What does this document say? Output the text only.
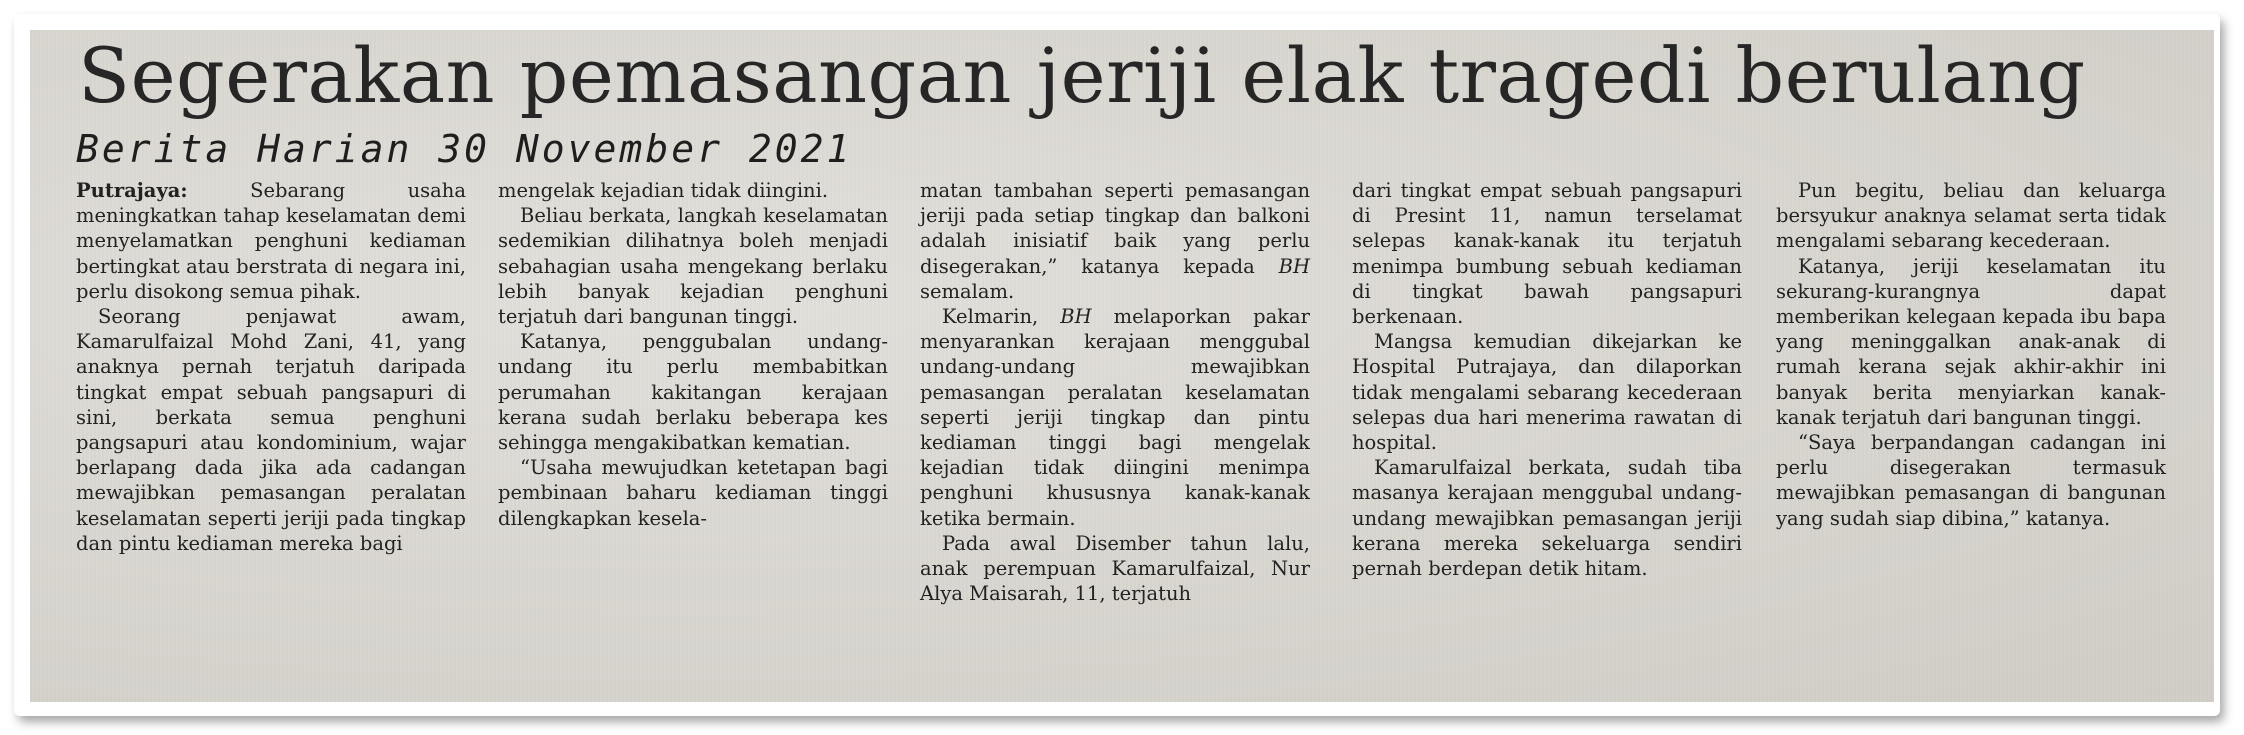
Segerakan pemasangan jeriji elak tragedi berulang
Berita Harian 30 November 2021

Putrajaya: Sebarang usaha meningkatkan tahap keselamatan demi menyelamatkan penghuni kediaman bertingkat atau berstrata di negara ini, perlu disokong semua pihak.

Seorang penjawat awam, Kamarulfaizal Mohd Zani, 41, yang anaknya pernah terjatuh daripada tingkat empat sebuah pangsapuri di sini, berkata semua penghuni pangsapuri atau kondominium, wajar berlapang dada jika ada cadangan mewajibkan pemasangan peralatan keselamatan seperti jeriji pada tingkap dan pintu kediaman mereka bagi

mengelak kejadian tidak diingini.

Beliau berkata, langkah keselamatan sedemikian dilihatnya boleh menjadi sebahagian usaha mengekang berlaku lebih banyak kejadian penghuni terjatuh dari bangunan tinggi.

Katanya, penggubalan undang-undang itu perlu membabitkan perumahan kakitangan kerajaan kerana sudah berlaku beberapa kes sehingga mengakibatkan kematian.

“Usaha mewujudkan ketetapan bagi pembinaan baharu kediaman tinggi dilengkapkan kesela-

matan tambahan seperti pemasangan jeriji pada setiap tingkap dan balkoni adalah inisiatif baik yang perlu disegerakan,” katanya kepada BH semalam.

Kelmarin, BH melaporkan pakar menyarankan kerajaan menggubal undang-undang mewajibkan pemasangan peralatan keselamatan seperti jeriji tingkap dan pintu kediaman tinggi bagi mengelak kejadian tidak diingini menimpa penghuni khususnya kanak-kanak ketika bermain.

Pada awal Disember tahun lalu, anak perempuan Kamarulfaizal, Nur Alya Maisarah, 11, terjatuh

dari tingkat empat sebuah pangsapuri di Presint 11, namun terselamat selepas kanak-kanak itu terjatuh menimpa bumbung sebuah kediaman di tingkat bawah pangsapuri berkenaan.

Mangsa kemudian dikejarkan ke Hospital Putrajaya, dan dilaporkan tidak mengalami sebarang kecederaan selepas dua hari menerima rawatan di hospital.

Kamarulfaizal berkata, sudah tiba masanya kerajaan menggubal undang-undang mewajibkan pemasangan jeriji kerana mereka sekeluarga sendiri pernah berdepan detik hitam.

Pun begitu, beliau dan keluarga bersyukur anaknya selamat serta tidak mengalami sebarang kecederaan.

Katanya, jeriji keselamatan itu sekurang-kurangnya dapat memberikan kelegaan kepada ibu bapa yang meninggalkan anak-anak di rumah kerana sejak akhir-akhir ini banyak berita menyiarkan kanak-kanak terjatuh dari bangunan tinggi.

“Saya berpandangan cadangan ini perlu disegerakan termasuk mewajibkan pemasangan di bangunan yang sudah siap dibina,” katanya.
